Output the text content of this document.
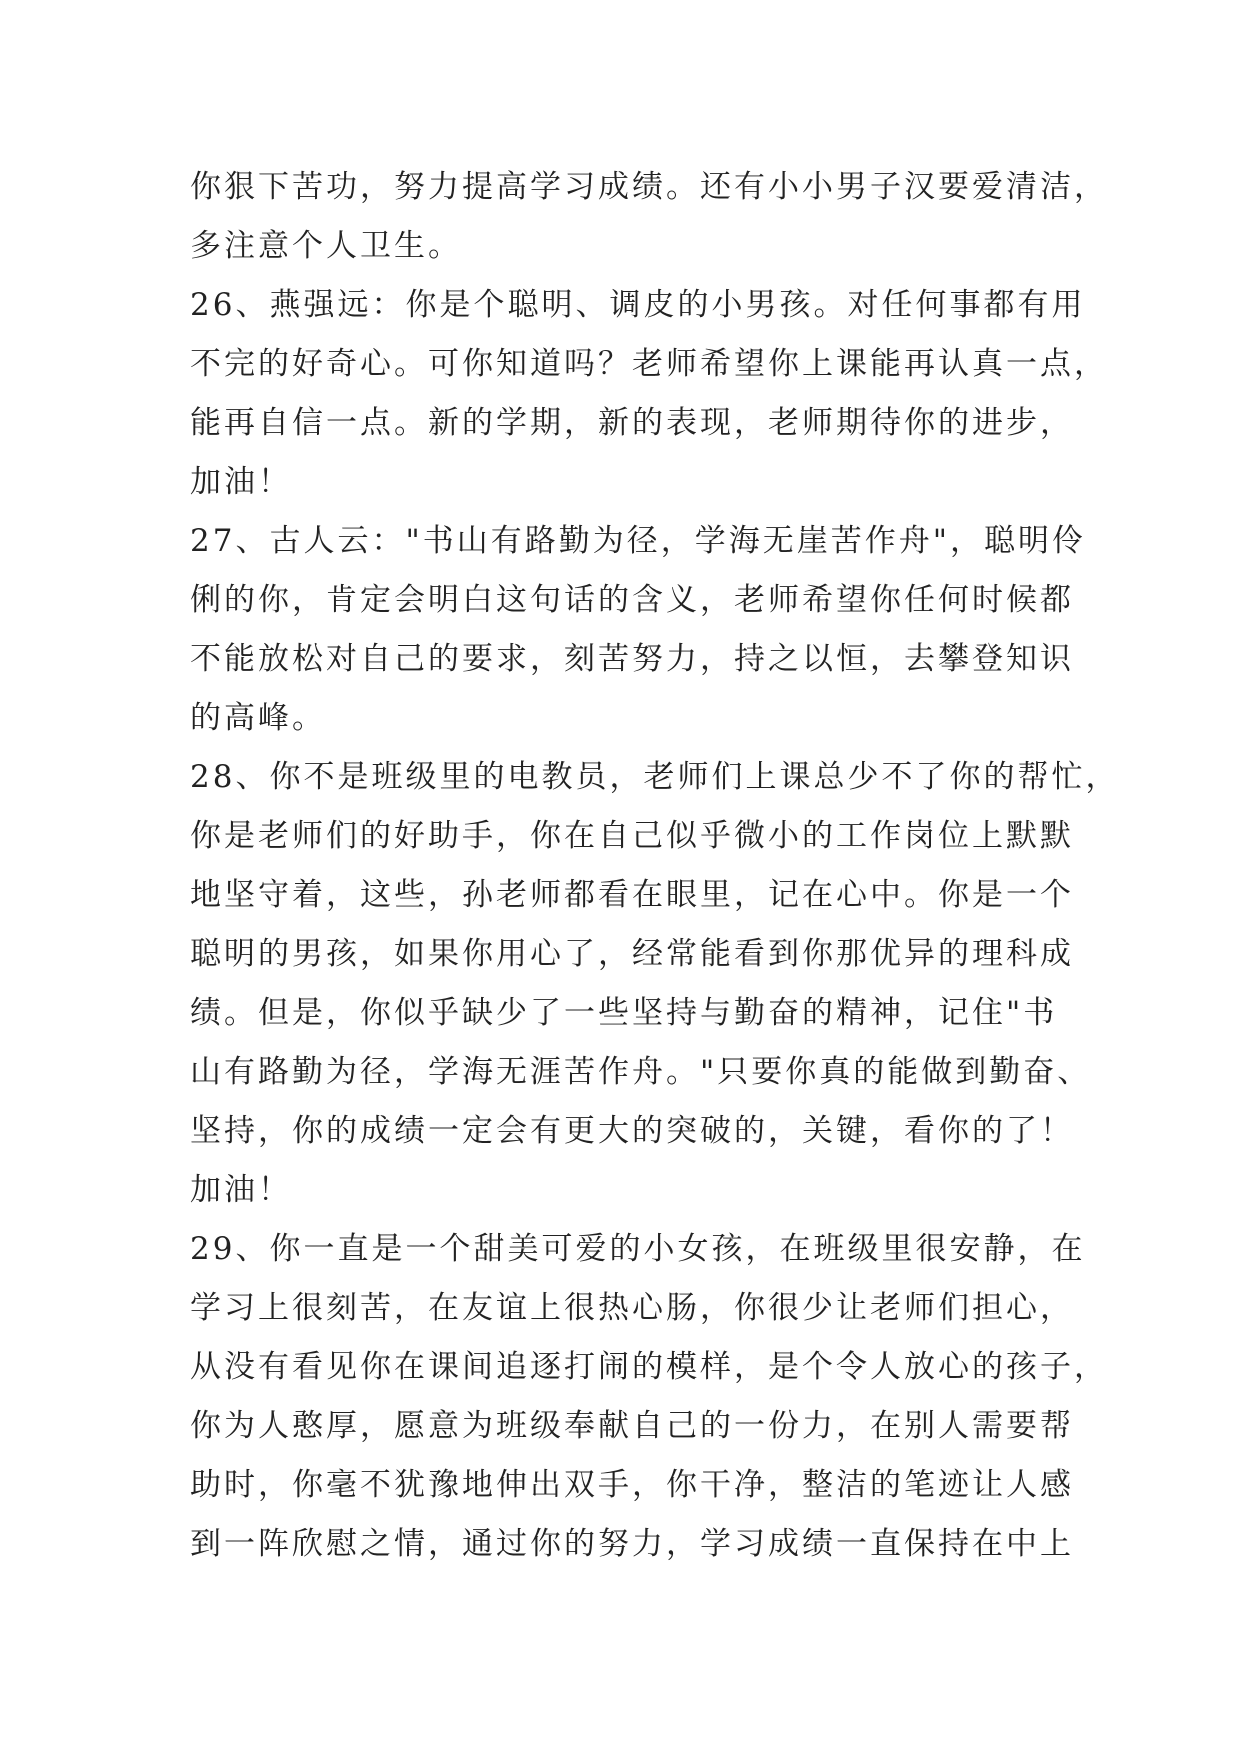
你狠下苦功，努力提高学习成绩。还有小小男子汉要爱清洁，
多注意个人卫生。
26、燕强远：你是个聪明、调皮的小男孩。对任何事都有用
不完的好奇心。可你知道吗？老师希望你上课能再认真一点，
能再自信一点。新的学期，新的表现，老师期待你的进步，
加油！
27、古人云："书山有路勤为径，学海无崖苦作舟"，聪明伶
俐的你，肯定会明白这句话的含义，老师希望你任何时候都
不能放松对自己的要求，刻苦努力，持之以恒，去攀登知识
的高峰。
28、你不是班级里的电教员，老师们上课总少不了你的帮忙，
你是老师们的好助手，你在自己似乎微小的工作岗位上默默
地坚守着，这些，孙老师都看在眼里，记在心中。你是一个
聪明的男孩，如果你用心了，经常能看到你那优异的理科成
绩。但是，你似乎缺少了一些坚持与勤奋的精神，记住"书
山有路勤为径，学海无涯苦作舟。"只要你真的能做到勤奋、
坚持，你的成绩一定会有更大的突破的，关键，看你的了！
加油！
29、你一直是一个甜美可爱的小女孩，在班级里很安静，在
学习上很刻苦，在友谊上很热心肠，你很少让老师们担心，
从没有看见你在课间追逐打闹的模样，是个令人放心的孩子，
你为人憨厚，愿意为班级奉献自己的一份力，在别人需要帮
助时，你毫不犹豫地伸出双手，你干净，整洁的笔迹让人感
到一阵欣慰之情，通过你的努力，学习成绩一直保持在中上
